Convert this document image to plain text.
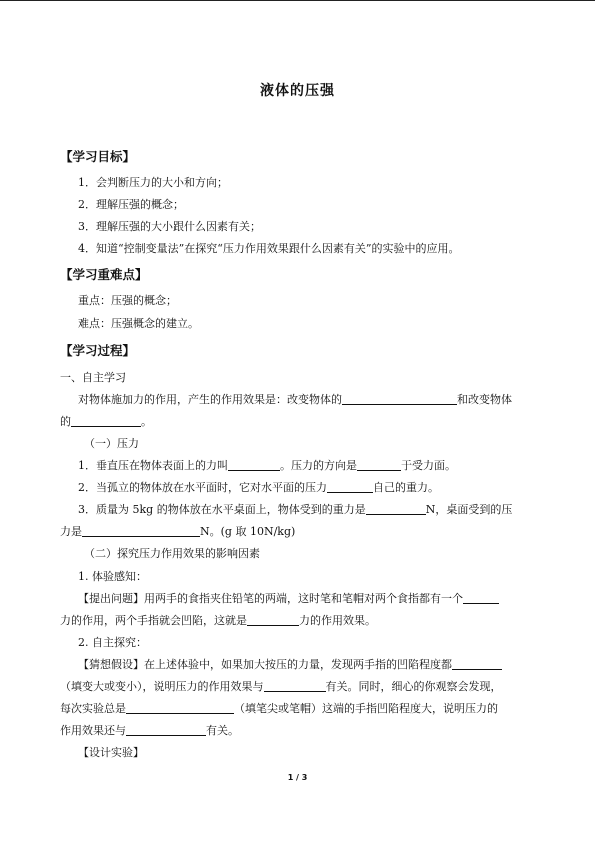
液体的压强
【学习目标】
1．会判断压力的大小和方向；
2．理解压强的概念；
3．理解压强的大小跟什么因素有关；
4．知道“控制变量法”在探究“压力作用效果跟什么因素有关”的实验中的应用。
【学习重难点】
重点：压强的概念；
难点：压强概念的建立。
【学习过程】
一、自主学习
对物体施加力的作用，产生的作用效果是：改变物体的	和改变物体
的	。
（一）压力
1．垂直压在物体表面上的力叫	。压力的方向是	于受力面。
2．当孤立的物体放在水平面时，它对水平面的压力	自己的重力。
3．质量为 5kg 的物体放在水平桌面上，物体受到的重力是	N，桌面受到的压
力是	N。(g 取 10N/kg)
（二）探究压力作用效果的影响因素
1. 体验感知：
【提出问题】用两手的食指夹住铅笔的两端，这时笔和笔帽对两个食指都有一个
力的作用，两个手指就会凹陷，这就是	力的作用效果。
2. 自主探究：
【猜想假设】在上述体验中，如果加大按压的力量，发现两手指的凹陷程度都
（填变大或变小），说明压力的作用效果与	有关。同时，细心的你观察会发现，
每次实验总是	（填笔尖或笔帽）这端的手指凹陷程度大，说明压力的
作用效果还与	有关。
【设计实验】
1 / 3
